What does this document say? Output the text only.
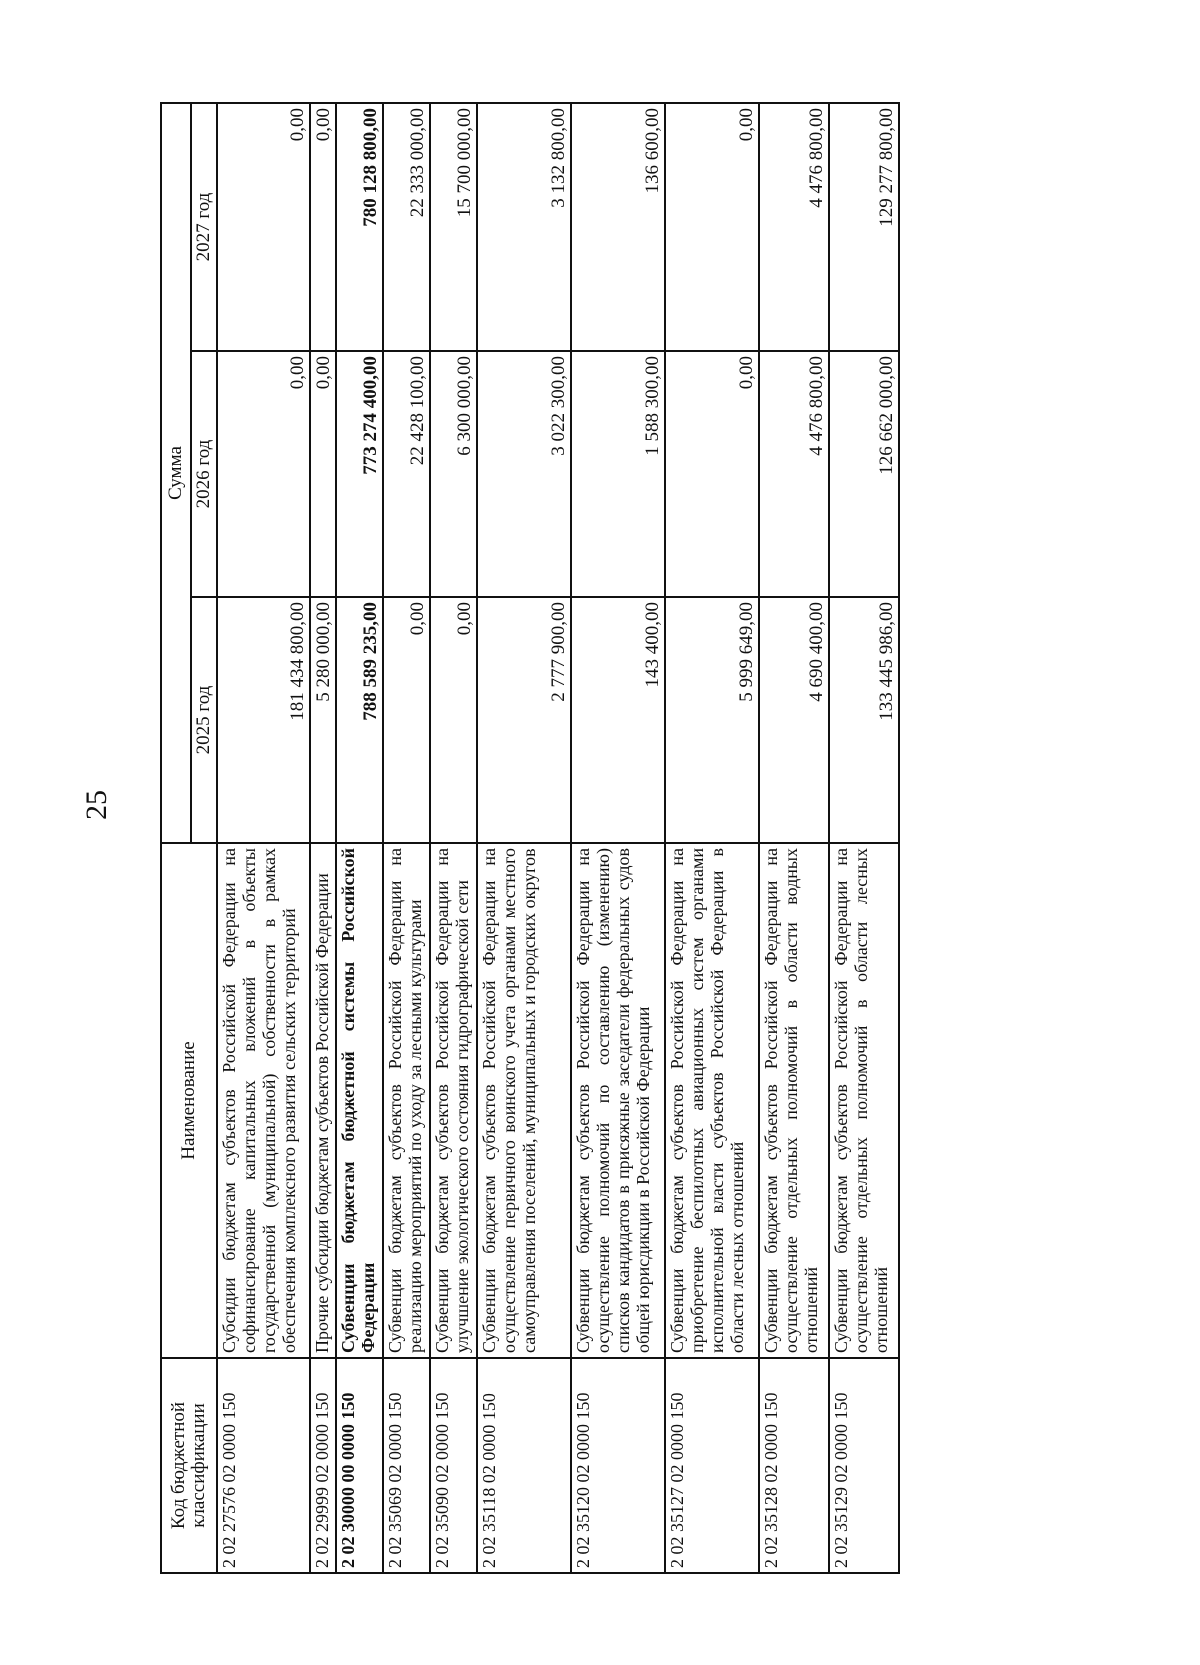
25
Код бюджетной классификации	Наименование	Сумма		
		2025 год	2026 год	2027 год
2 02 27576 02 0000 150	Субсидии бюджетам субъектов Российской Федерации на софинансирование капитальных вложений в объекты государственной (муниципальной) собственности в рамках обеспечения комплексного развития сельских территорий	181 434 800,00	0,00	0,00
2 02 29999 02 0000 150	Прочие субсидии бюджетам субъектов Российской Федерации	5 280 000,00	0,00	0,00
2 02 30000 00 0000 150	Субвенции бюджетам бюджетной системы Российской Федерации	788 589 235,00	773 274 400,00	780 128 800,00
2 02 35069 02 0000 150	Субвенции бюджетам субъектов Российской Федерации на реализацию мероприятий по уходу за лесными культурами	0,00	22 428 100,00	22 333 000,00
2 02 35090 02 0000 150	Субвенции бюджетам субъектов Российской Федерации на улучшение экологического состояния гидрографической сети	0,00	6 300 000,00	15 700 000,00
2 02 35118 02 0000 150	Субвенции бюджетам субъектов Российской Федерации на осуществление первичного воинского учета органами местного самоуправления поселений, муниципальных и городских округов	2 777 900,00	3 022 300,00	3 132 800,00
2 02 35120 02 0000 150	Субвенции бюджетам субъектов Российской Федерации на осуществление полномочий по составлению (изменению) списков кандидатов в присяжные заседатели федеральных судов общей юрисдикции в Российской Федерации	143 400,00	1 588 300,00	136 600,00
2 02 35127 02 0000 150	Субвенции бюджетам субъектов Российской Федерации на приобретение беспилотных авиационных систем органами исполнительной власти субъектов Российской Федерации в области лесных отношений	5 999 649,00	0,00	0,00
2 02 35128 02 0000 150	Субвенции бюджетам субъектов Российской Федерации на осуществление отдельных полномочий в области водных отношений	4 690 400,00	4 476 800,00	4 476 800,00
2 02 35129 02 0000 150	Субвенции бюджетам субъектов Российской Федерации на осуществление отдельных полномочий в области лесных отношений	133 445 986,00	126 662 000,00	129 277 800,00
